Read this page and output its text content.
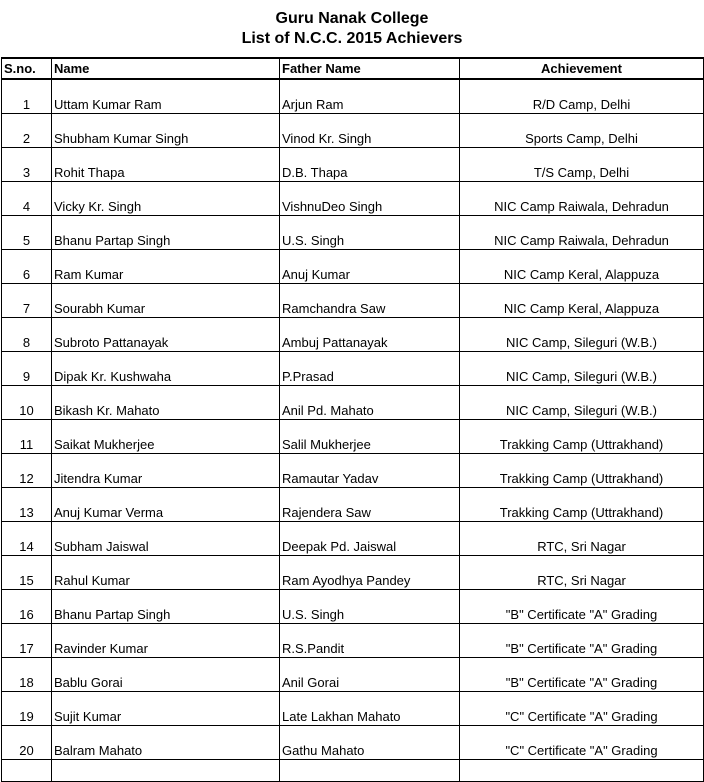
Guru Nanak College
List of N.C.C. 2015 Achievers
S.no.	Name	Father Name	Achievement
1	Uttam Kumar Ram	Arjun Ram	R/D Camp, Delhi
2	Shubham Kumar Singh	Vinod Kr. Singh	Sports Camp, Delhi
3	Rohit Thapa	D.B. Thapa	T/S Camp, Delhi
4	Vicky Kr. Singh	VishnuDeo Singh	NIC Camp Raiwala, Dehradun
5	Bhanu Partap Singh	U.S. Singh	NIC Camp Raiwala, Dehradun
6	Ram Kumar	Anuj Kumar	NIC Camp Keral, Alappuza
7	Sourabh Kumar	Ramchandra Saw	NIC Camp Keral, Alappuza
8	Subroto Pattanayak	Ambuj Pattanayak	NIC Camp, Sileguri (W.B.)
9	Dipak Kr. Kushwaha	P.Prasad	NIC Camp, Sileguri (W.B.)
10	Bikash Kr. Mahato	Anil Pd. Mahato	NIC Camp, Sileguri (W.B.)
11	Saikat Mukherjee	Salil Mukherjee	Trakking Camp (Uttrakhand)
12	Jitendra Kumar	Ramautar Yadav	Trakking Camp (Uttrakhand)
13	Anuj Kumar Verma	Rajendera Saw	Trakking Camp (Uttrakhand)
14	Subham Jaiswal	Deepak Pd. Jaiswal	RTC, Sri Nagar
15	Rahul Kumar	Ram Ayodhya Pandey	RTC, Sri Nagar
16	Bhanu Partap Singh	U.S. Singh	"B" Certificate "A" Grading
17	Ravinder Kumar	R.S.Pandit	"B" Certificate "A" Grading
18	Bablu Gorai	Anil Gorai	"B" Certificate "A" Grading
19	Sujit Kumar	Late Lakhan Mahato	"C" Certificate "A" Grading
20	Balram Mahato	Gathu Mahato	"C" Certificate "A" Grading
